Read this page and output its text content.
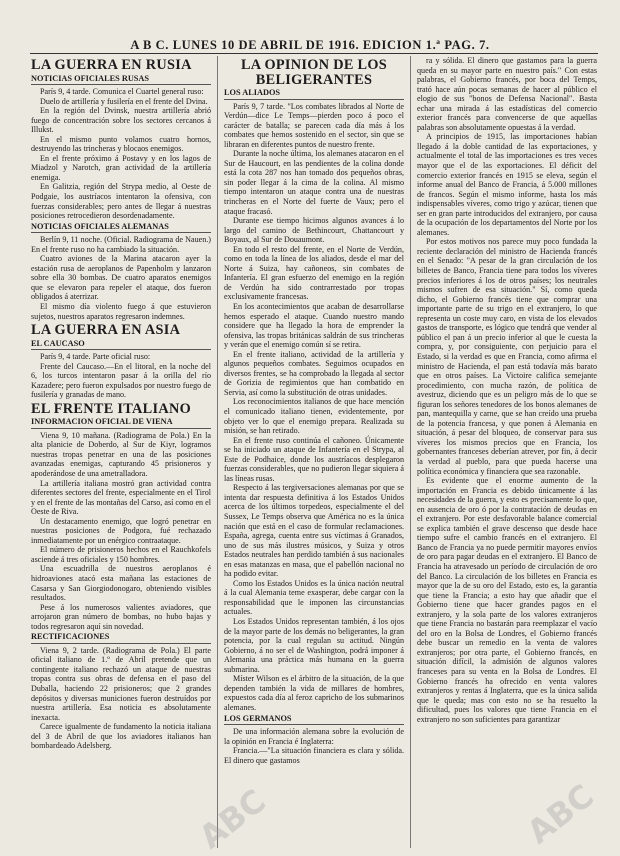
A B C. LUNES 10 DE ABRIL DE 1916. EDICION 1.ª PAG. 7.
LA GUERRA EN RUSIA
NOTICIAS OFICIALES RUSAS

París 9, 4 tarde. Comunica el Cuartel general ruso:

Duelo de artillería y fusilería en el frente del Dvina.

En la región del Dvinsk, nuestra artillería abrió fuego de concentración sobre los sectores cercanos á Illukst.

En el mismo punto volamos cuatro hornos, destruyendo las trincheras y blocaos enemigos.

En el frente próximo á Postavy y en los lagos de Miadzol y Narotch, gran actividad de la artillería enemiga.

En Galitzia, región del Strypa medio, al Oeste de Podgaie, los austríacos intentaron la ofensiva, con fuerzas considerables; pero antes de llegar á nuestras posiciones retrocedieron desordenadamente.

NOTICIAS OFICIALES ALEMANAS

Berlín 9, 11 noche. (Oficial. Radiograma de Nauen.) En el frente ruso no ha cambiado la situación.

Cuatro aviones de la Marina atacaron ayer la estación rusa de aeroplanos de Papenholm y lanzaron sobre ella 30 bombas. De cuatro aparatos enemigos que se elevaron para repeler el ataque, dos fueron obligados á aterrizar.

El mismo día violento fuego á que estuvieron sujetos, nuestros aparatos regresaron indemnes.

LA GUERRA EN ASIA
EL CAUCASO

París 9, 4 tarde. Parte oficial ruso:

Frente del Caucaso.—En el litoral, en la noche del 6, los turcos intentaron pasar á la orilla del río Kazadere; pero fueron expulsados por nuestro fuego de fusilería y granadas de mano.

EL FRENTE ITALIANO
INFORMACION OFICIAL DE VIENA

Viena 9, 10 mañana. (Radiograma de Pola.) En la alta planicie de Doberdo, al Sur de Kiyr, logramos nuestras tropas penetrar en una de las posiciones avanzadas enemigas, capturando 45 prisioneros y apoderándose de una ametralladora.

La artillería italiana mostró gran actividad contra diferentes sectores del frente, especialmente en el Tirol y en el frente de las montañas del Carso, así como en el Oeste de Riva.

Un destacamento enemigo, que logró penetrar en nuestras posiciones de Podgora, fué rechazado inmediatamente por un enérgico contraataque.

El número de prisioneros hechos en el Rauchkofels asciende á tres oficiales y 150 hombres.

Una escuadrilla de nuestros aeroplanos é hidroaviones atacó esta mañana las estaciones de Casarsa y San Giorgiodonogaro, obteniendo visibles resultados.

Pese á los numerosos valientes aviadores, que arrojaron gran número de bombas, no hubo bajas y todos regresaron aquí sin novedad.

RECTIFICACIONES

Viena 9, 2 tarde. (Radiograma de Pola.) El parte oficial italiano de 1.º de Abril pretende que un contingente italiano rechazó un ataque de nuestras tropas contra sus obras de defensa en el paso del Duballa, haciendo 22 prisioneros; que 2 grandes depósitos y diversas municiones fueron destruídos por nuestra artillería. Esa noticia es absolutamente inexacta.

Carece igualmente de fundamento la noticia italiana del 3 de Abril de que los aviadores italianos han bombardeado Adelsberg.

LA OPINION DE LOS BELIGERANTES
LOS ALIADOS

París 9, 7 tarde. "Los combates librados al Norte de Verdún—dice Le Temps—pierden poco á poco el carácter de batalla; se parecen cada día más á los combates que hemos sostenido en el sector, sin que se libraran en diferentes puntos de nuestro frente.

Durante la noche última, los alemanes atacaron en el Sur de Haucourt, en las pendientes de la colina donde está la cota 287 nos han tomado dos pequeños obras, sin poder llegar á la cima de la colina. Al mismo tiempo intentaron un ataque contra una de nuestras trincheras en el Norte del fuerte de Vaux; pero el ataque fracasó.

Durante ese tiempo hicimos algunos avances á lo largo del camino de Bethincourt, Chattancourt y Boyaux, al Sur de Douaumont.

En todo el resto del frente, en el Norte de Verdún, como en toda la línea de los aliados, desde el mar del Norte á Suiza, hay cañoneos, sin combates de Infantería. El gran esfuerzo del enemigo en la región de Verdún ha sido contrarrestado por tropas exclusivamente francesas.

En los acontecimientos que acaban de desarrollarse hemos esperado el ataque. Cuando nuestro mando considere que ha llegado la hora de emprender la ofensiva, las tropas británicas saldrán de sus trincheras y verán que el enemigo común sí se retira.

En el frente italiano, actividad de la artillería y algunos pequeños combates. Seguimos ocupados en diversos frentes, se ha comprobado la llegada al sector de Gorizia de regimientos que han combatido en Servia, así como la substitución de otras unidades.

Los reconocimientos italianos de que hace mención el comunicado italiano tienen, evidentemente, por objeto ver lo que el enemigo prepara. Realizada su misión, se han retirado.

En el frente ruso continúa el cañoneo. Únicamente se ha iniciado un ataque de Infantería en el Strypa, al Este de Podhaice, donde los austríacos desplegaron fuerzas considerables, que no pudieron llegar siquiera á las líneas rusas.

Respecto á las tergiversaciones alemanas por que se intenta dar respuesta definitiva á los Estados Unidos acerca de los últimos torpedeos, especialmente el del Sussex, Le Temps observa que América no es la única nación que está en el caso de formular reclamaciones. España, agrega, cuenta entre sus víctimas á Granados, uno de sus más ilustres músicos, y Suiza y otros Estados neutrales han perdido también á sus nacionales en esas matanzas en masa, que el pabellón nacional no ha podido evitar.

Como los Estados Unidos es la única nación neutral á la cual Alemania teme exasperar, debe cargar con la responsabilidad que le imponen las circunstancias actuales.

Los Estados Unidos representan también, á los ojos de la mayor parte de los demás no beligerantes, la gran potencia, por la cual regulan su actitud. Ningún Gobierno, á no ser el de Washington, podrá imponer á Alemania una práctica más humana en la guerra submarina.

Míster Wilson es el árbitro de la situación, de la que dependen también la vida de millares de hombres, expuestos cada día al feroz capricho de los submarinos alemanes.

LOS GERMANOS

De una información alemana sobre la evolución de la opinión en Francia é Inglaterra:

Francia.—"La situación financiera es clara y sólida. El dinero que gastamos

ra y sólida. El dinero que gastamos para la guerra queda en su mayor parte en nuestro país." Con estas palabras, el Gobierno francés, por boca del Temps, trató hace aún pocas semanas de hacer al público el elogio de sus "bonos de Defensa Nacional". Basta echar una mirada á las estadísticas del comercio exterior francés para convencerse de que aquellas palabras son absolutamente opuestas á la verdad.

A principios de 1915, las importaciones habían llegado á la doble cantidad de las exportaciones, y actualmente el total de las importaciones es tres veces mayor que el de las exportaciones. El déficit del comercio exterior francés en 1915 se eleva, según el informe anual del Banco de Francia, á 5.000 millones de francos. Según el mismo informe, hasta los más indispensables víveres, como trigo y azúcar, tienen que ser en gran parte introducidos del extranjero, por causa de la ocupación de los departamentos del Norte por los alemanes.

Por estos motivos nos parece muy poco fundada la reciente declaración del ministro de Hacienda francés en el Senado: "A pesar de la gran circulación de los billetes de Banco, Francia tiene para todos los víveres precios inferiores á los de otros países; los neutrales mismos sufren de esa situación." Sí, como queda dicho, el Gobierno francés tiene que comprar una importante parte de su trigo en el extranjero, lo que representa un coste muy caro, en vista de los elevados gastos de transporte, es lógico que tendrá que vender al público el pan á un precio inferior al que le cuesta la compra, y, por consiguiente, con perjuicio para el Estado, si la verdad es que en Francia, como afirma el ministro de Hacienda, el pan está todavía más barato que en otros países. La Victoire califica semejante procedimiento, con mucha razón, de política de avestruz, diciendo que es un peligro más de lo que se figuran los señores tenedores de los bonos alemanes de pan, mantequilla y carne, que se han creído una prueba de la potencia francesa, y que ponen á Alemania en situación, á pesar del bloqueo, de conservar para sus víveres los mismos precios que en Francia, los gobernantes franceses deberían atrever, por fin, á decir la verdad al pueblo, para que pueda hacerse una política económica y financiera que sea razonable.

Es evidente que el enorme aumento de la importación en Francia es debido únicamente á las necesidades de la guerra, y esto es precisamente lo que, en ausencia de oro ó por la contratación de deudas en el extranjero. Por este desfavorable balance comercial se explica también el grave descenso que desde hace tiempo sufre el cambio francés en el extranjero. El Banco de Francia ya no puede permitir mayores envíos de oro para pagar deudas en el extranjero. El Banco de Francia ha atravesado un período de circulación de oro del Banco. La circulación de los billetes en Francia es mayor que la de su oro del Estado, esto es, la garantía que tiene la Francia; a esto hay que añadir que el Gobierno tiene que hacer grandes pagos en el extranjero, y la sola parte de los valores extranjeros que tiene Francia no bastarán para reemplazar el vacío del oro en la Bolsa de Londres, el Gobierno francés debe buscar un remedio en la venta de valores extranjeros; por otra parte, el Gobierno francés, en situación difícil, la admisión de algunos valores franceses para su venta en la Bolsa de Londres. El Gobierno francés ha ofrecido en venta valores extranjeros y rentas á Inglaterra, que es la única salida que le queda; mas con esto no se ha resuelto la dificultad, pues los valores que tiene Francia en el extranjero no son suficientes para garantizar

ABC	ABC
